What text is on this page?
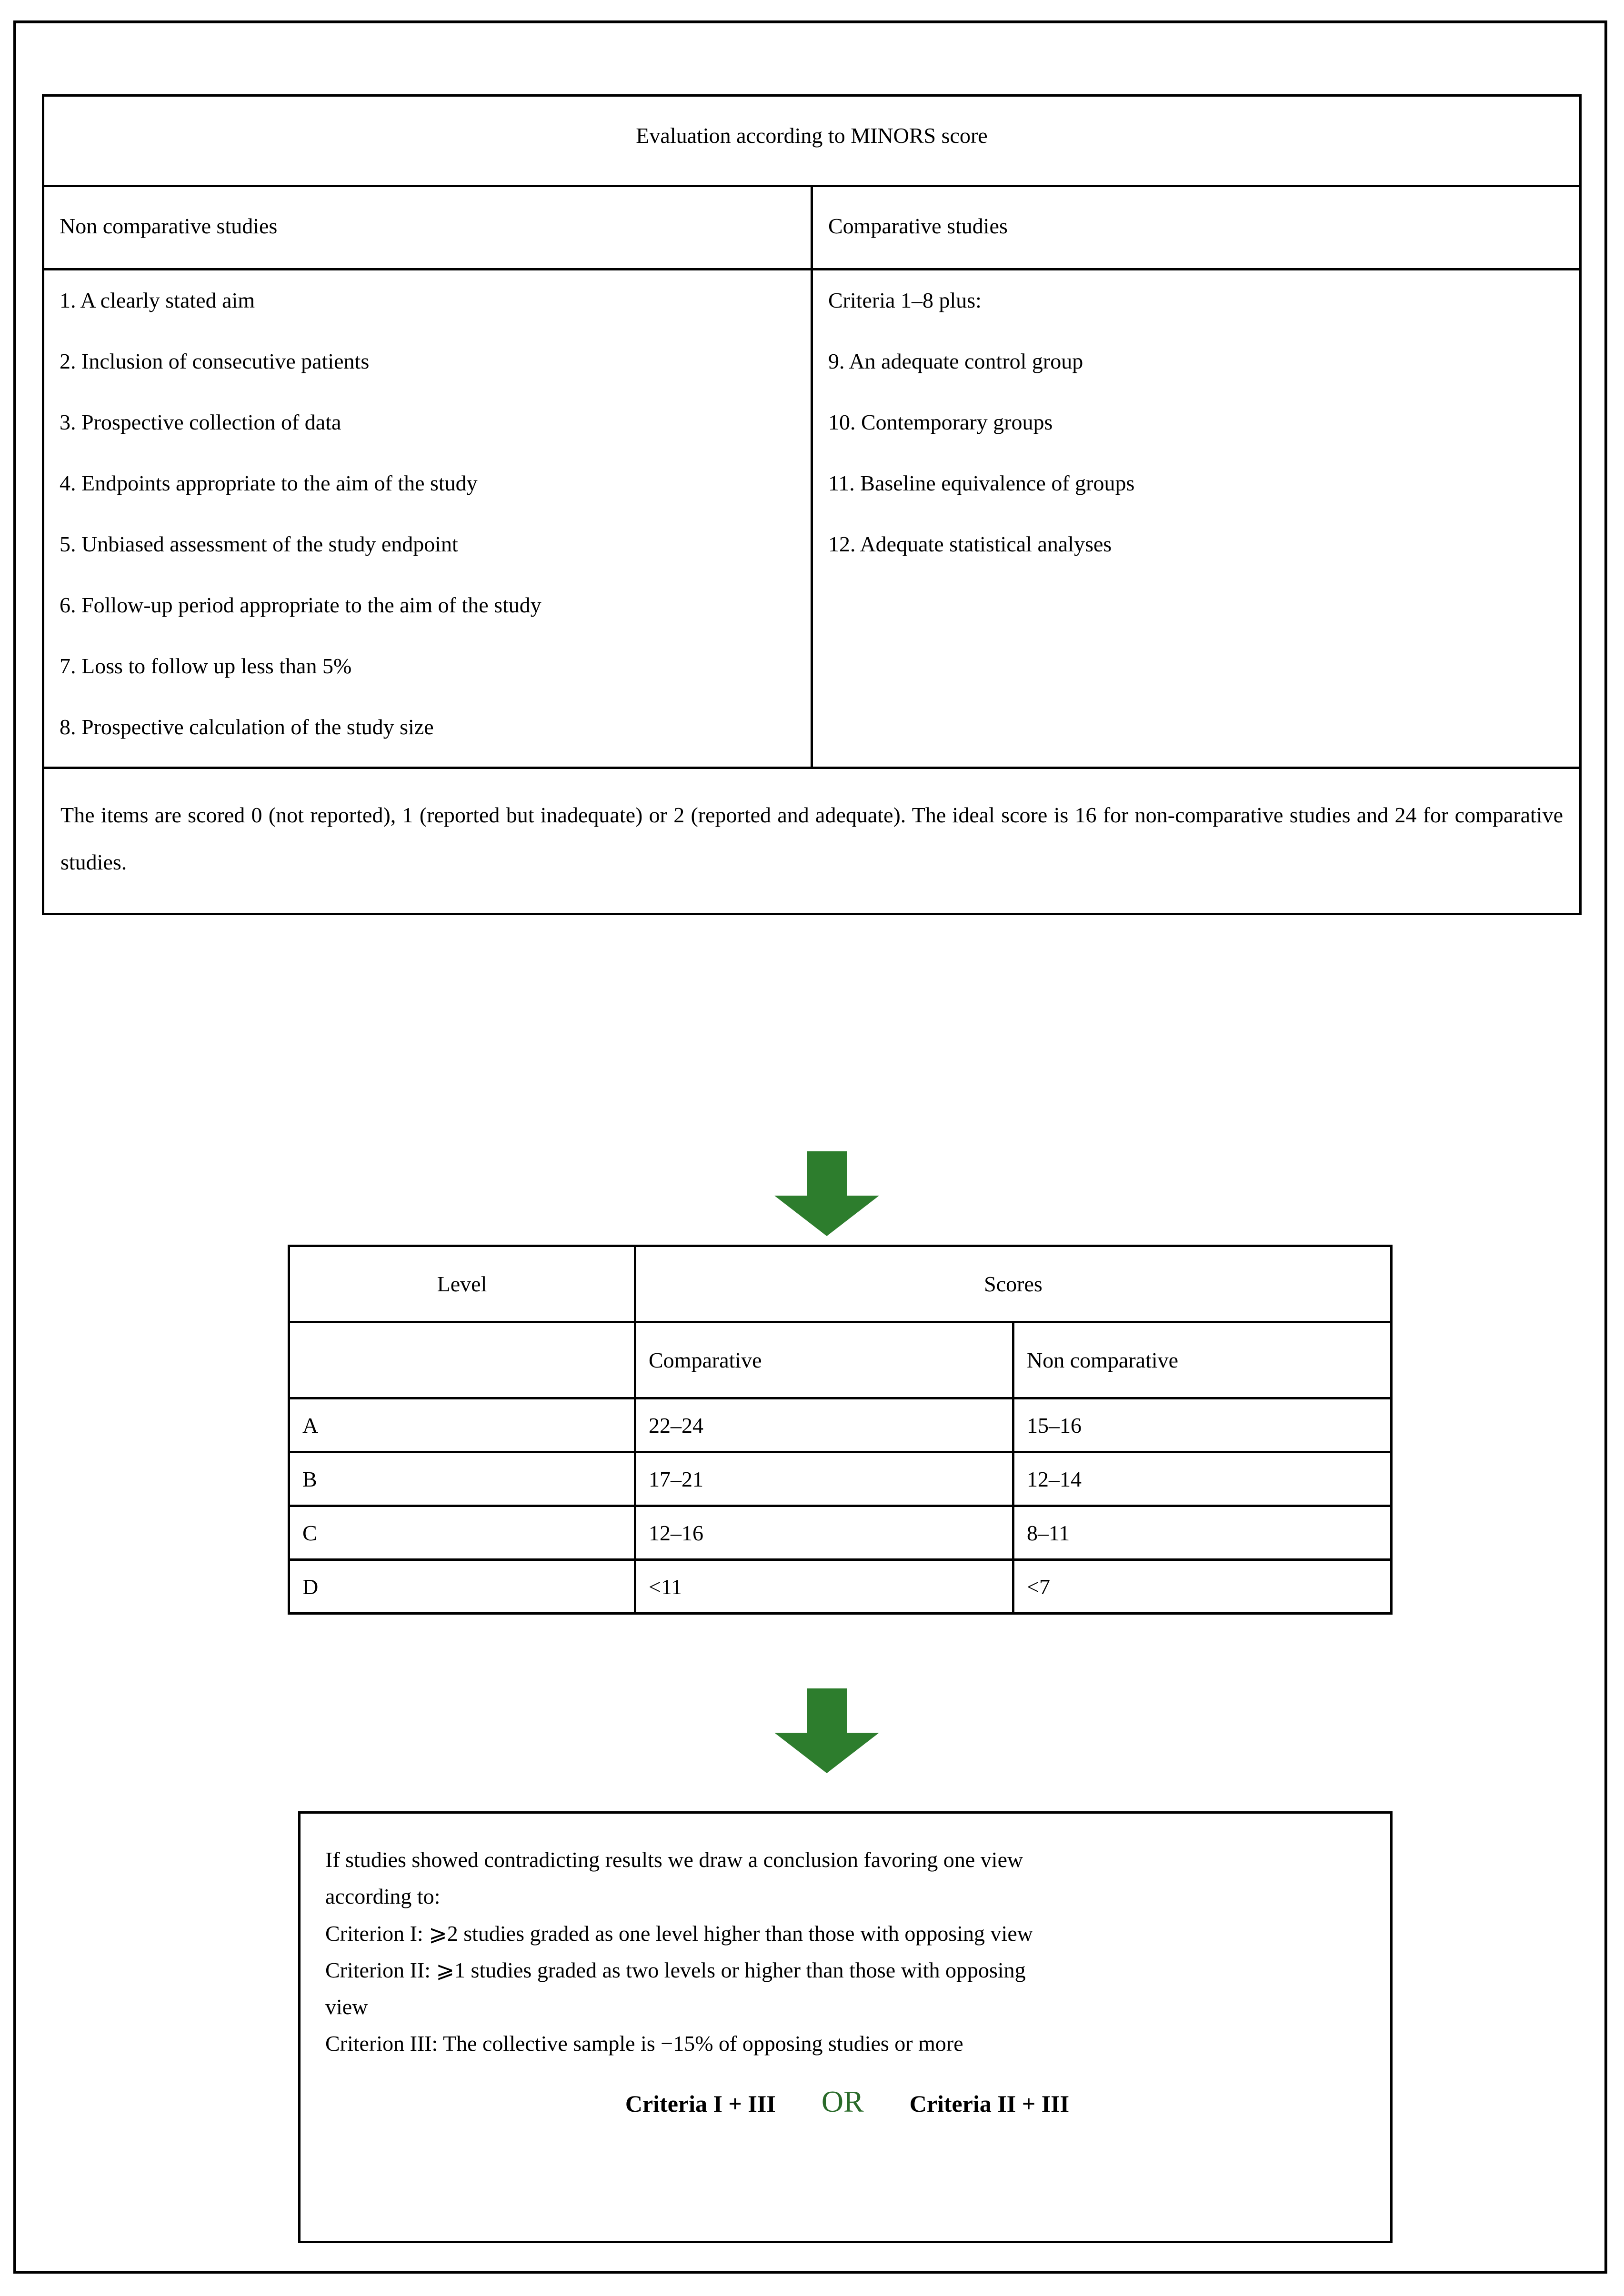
Evaluation according to MINORS score	
Non comparative studies	Comparative studies

1. A clearly stated aim
2. Inclusion of consecutive patients
3. Prospective collection of data
4. Endpoints appropriate to the aim of the study
5. Unbiased assessment of the study endpoint
6. Follow-up period appropriate to the aim of the study
7. Loss to follow up less than 5%
8. Prospective calculation of the study size

Criteria 1–8 plus:
9. An adequate control group
10. Contemporary groups
11. Baseline equivalence of groups
12. Adequate statistical analyses

The items are scored 0 (not reported), 1 (reported but inadequate) or 2 (reported and adequate). The ideal score is 16 for non-comparative studies and 24 for comparative studies.	
Level	Scores	
	Comparative	Non comparative
A	22–24	15–16
B	17–21	12–14
C	12–16	8–11
D	<11	<7
If studies showed contradicting results we draw a conclusion favoring one view
according to:
Criterion I: ⩾2 studies graded as one level higher than those with opposing view
Criterion II: ⩾1 studies graded as two levels or higher than those with opposing
view
Criterion III: The collective sample is −15% of opposing studies or more
Criteria I + III OR Criteria II + III
